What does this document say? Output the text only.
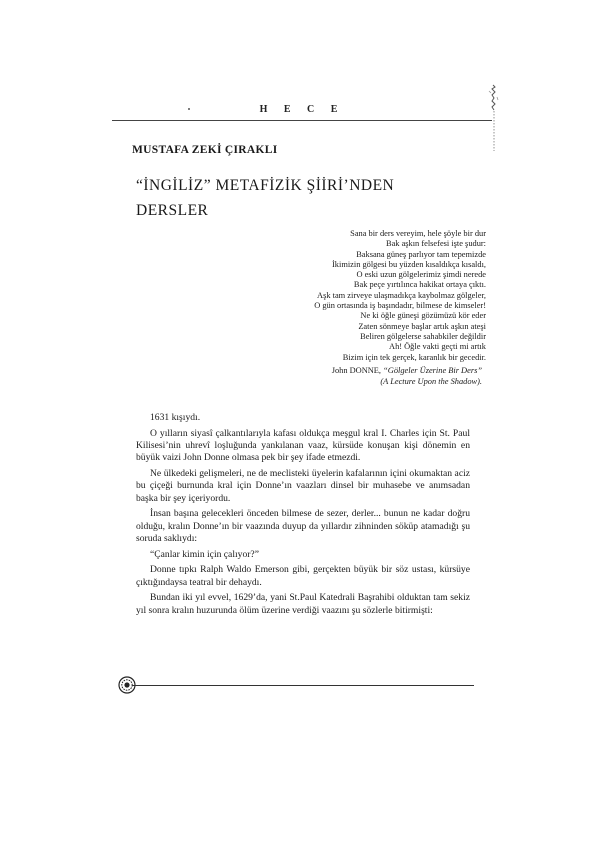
H E C E
MUSTAFA ZEKİ ÇIRAKLI
“İNGİLİZ” METAFİZİK ŞİİRİ’NDEN
DERSLER
Sana bir ders vereyim, hele şöyle bir dur
Bak aşkın felsefesi işte şudur:
Baksana güneş parlıyor tam tepemizde
İkimizin gölgesi bu yüzden kısaldıkça kısaldı,
O eski uzun gölgelerimiz şimdi nerede
Bak peçe yırtılınca hakikat ortaya çıktı.
Aşk tam zirveye ulaşmadıkça kaybolmaz gölgeler,
O gün ortasında iş başındadır, bilmese de kimseler!
Ne ki öğle güneşi gözümüzü kör eder
Zaten sönmeye başlar artık aşkın ateşi
Beliren gölgelerse sahabkiler değildir
Ah! Öğle vakti geçti mi artık
Bizim için tek gerçek, karanlık bir gecedir.
John DONNE, “Gölgeler Üzerine Bir Ders”
(A Lecture Upon the Shadow).

1631 kışıydı.

O yılların siyasî çalkantılarıyla kafası oldukça meşgul kral I. Charles için St. Paul Kilisesi’nin uhrevî loşluğunda yankılanan vaaz, kürsüde konuşan kişi dönemin en büyük vaizi John Donne olmasa pek bir şey ifade etmezdi.

Ne ülkedeki gelişmeleri, ne de meclisteki üyelerin kafalarının içini okumaktan aciz bu çiçeği burnunda kral için Donne’ın vaazları dinsel bir muhasebe ve anımsadan başka bir şey içeriyordu.

İnsan başına gelecekleri önceden bilmese de sezer, derler... bunun ne kadar doğru olduğu, kralın Donne’ın bir vaazında duyup da yıllardır zihninden söküp atamadığı şu soruda saklıydı:

“Çanlar kimin için çalıyor?”

Donne tıpkı Ralph Waldo Emerson gibi, gerçekten büyük bir söz ustası, kürsüye çıktığındaysa teatral bir dehaydı.

Bundan iki yıl evvel, 1629’da, yani St.Paul Katedrali Başrahibi olduktan tam sekiz yıl sonra kralın huzurunda ölüm üzerine verdiği vaazını şu sözlerle bitirmişti:
